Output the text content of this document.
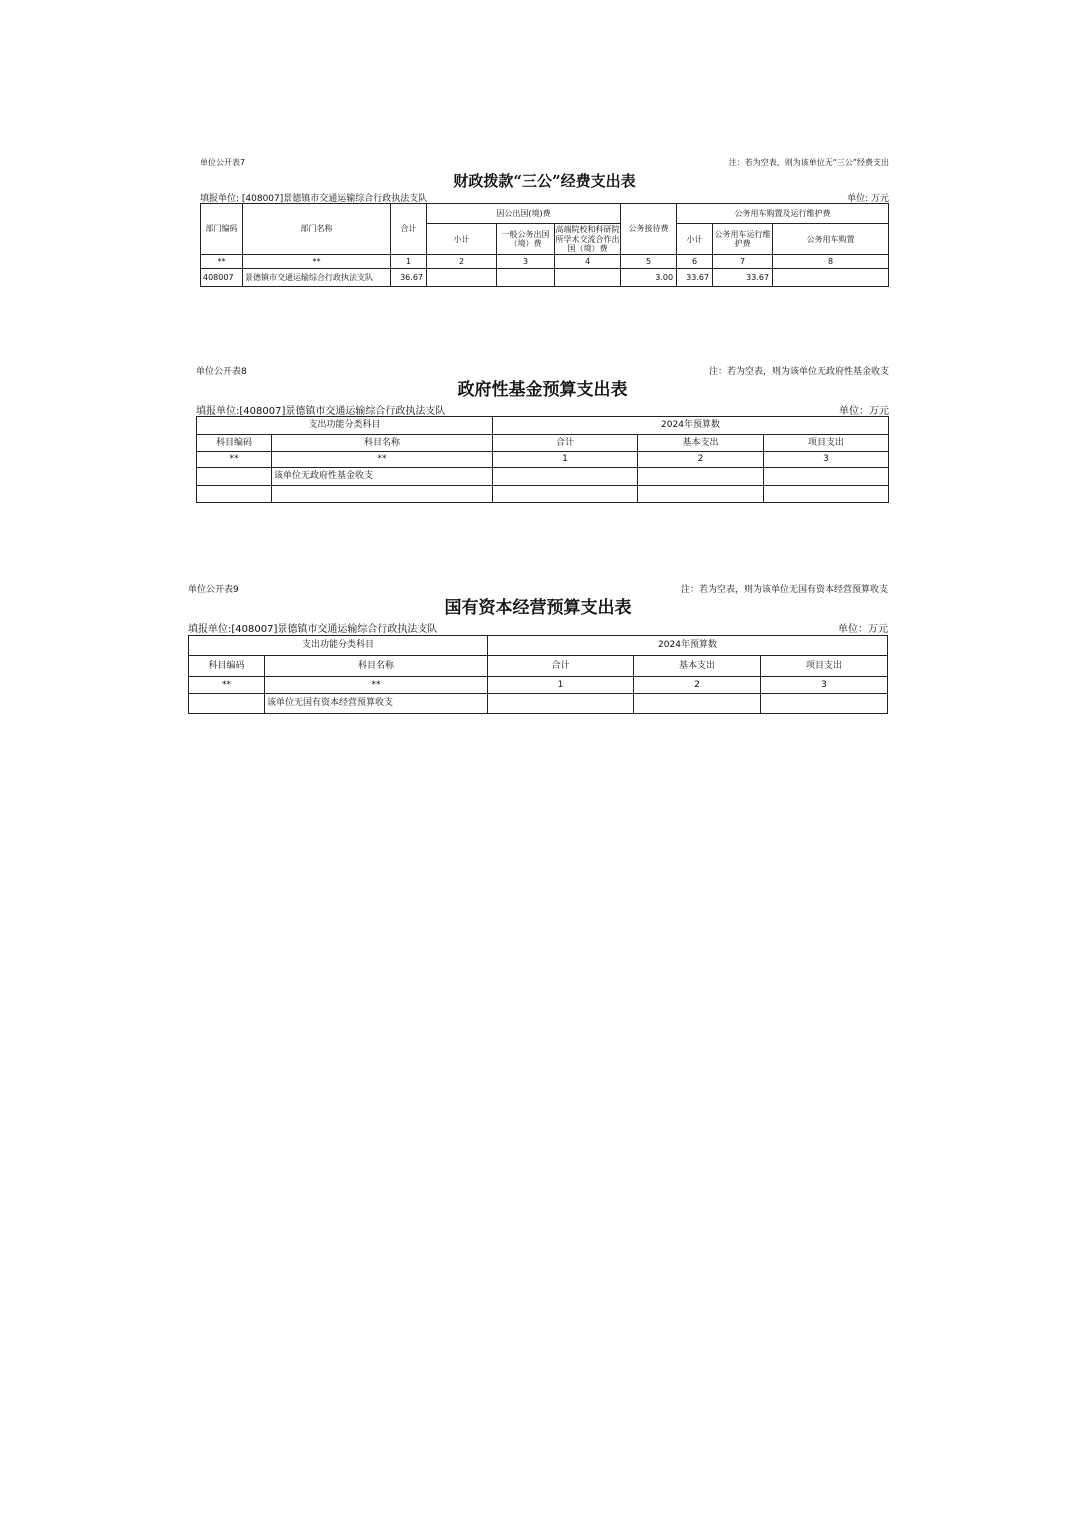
单位公开表7	注：若为空表，则为该单位无“三公”经费支出
财政拨款“三公”经费支出表
填报单位: [408007]景德镇市交通运输综合行政执法支队	单位: 万元
部门编码	部门名称	合计	因公出国(境)费			公务接待费	公务用车购置及运行维护费		
			小计	一般公务出国（境）费	高端院校和科研院所学术交流合作出国（境）费		小计	公务用车运行维护费	公务用车购置
**	**	1	2	3	4	5	6	7	8
408007	景德镇市交通运输综合行政执法支队	36.67				3.00	33.67	33.67	
单位公开表8	注：若为空表，则为该单位无政府性基金收支
政府性基金预算支出表
填报单位:[408007]景德镇市交通运输综合行政执法支队	单位：万元
支出功能分类科目		2024年预算数		
科目编码	科目名称	合计	基本支出	项目支出
**	**	1	2	3
	该单位无政府性基金收支			

单位公开表9	注：若为空表，则为该单位无国有资本经营预算收支
国有资本经营预算支出表
填报单位:[408007]景德镇市交通运输综合行政执法支队	单位：万元
支出功能分类科目		2024年预算数		
科目编码	科目名称	合计	基本支出	项目支出
**	**	1	2	3
	该单位无国有资本经营预算收支			
